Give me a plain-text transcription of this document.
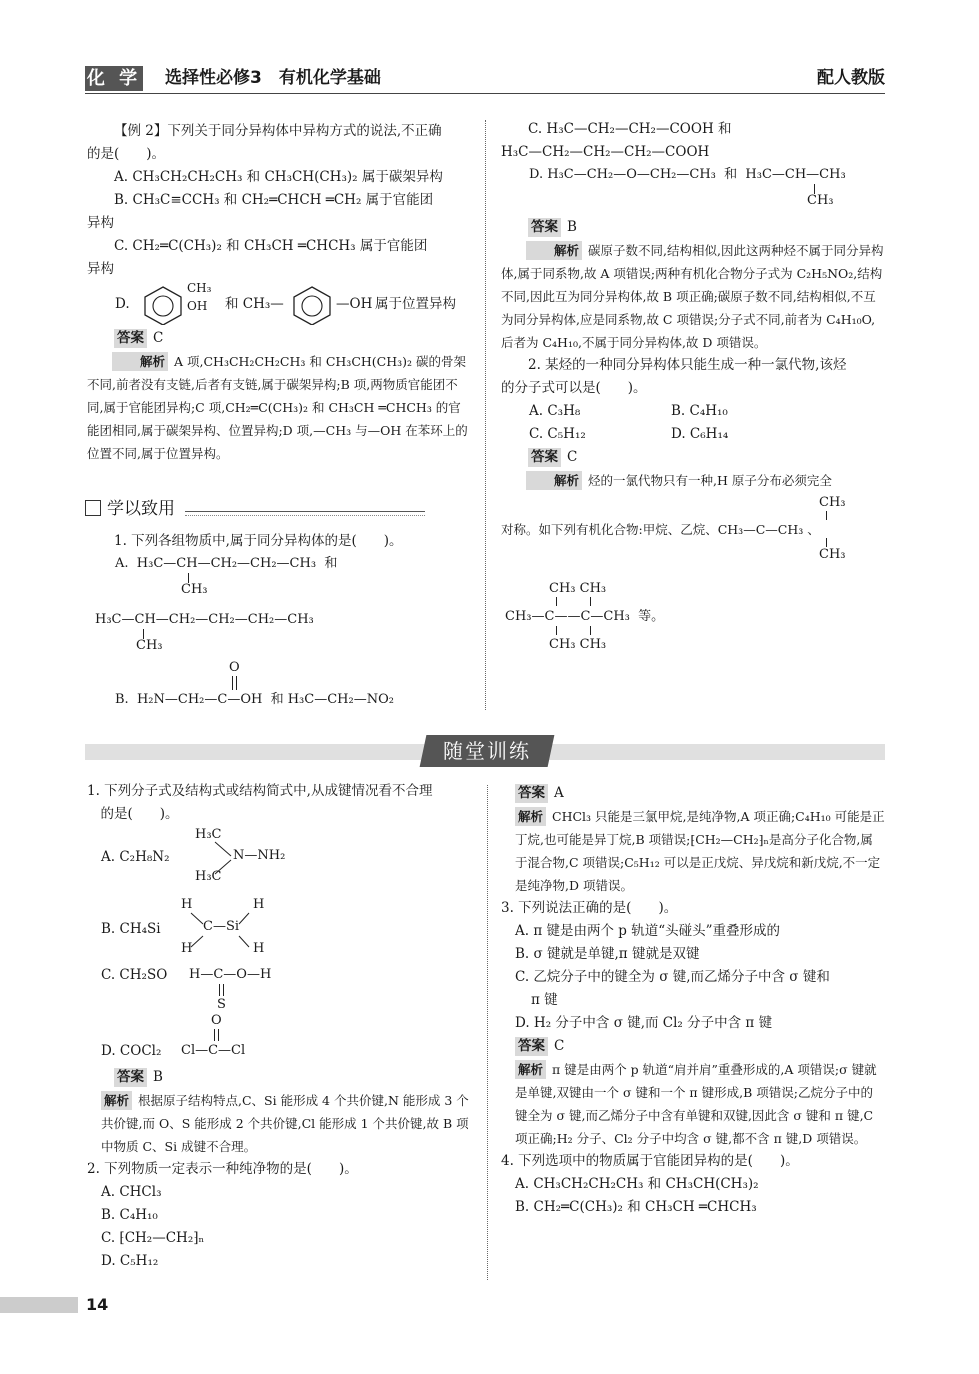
化 学 选择性必修3　有机化学基础	配人教版

【例 2】下列关于同分异构体中异构方式的说法,不正确

的是(　　)。

A. CH₃CH₂CH₂CH₃ 和 CH₃CH(CH₃)₂ 属于碳架异构

B. CH₃C≡CCH₃ 和 CH₂═CHCH ═CH₂ 属于官能团

异构

C. CH₂═C(CH₃)₂ 和 CH₃CH ═CHCH₃ 属于官能团

异构

D.
CH₃
OH 和 CH₃—	—OH 属于位置异构

答案 C

解析 A 项,CH₃CH₂CH₂CH₃ 和 CH₃CH(CH₃)₂ 碳的骨架不同,前者没有支链,后者有支链,属于碳架异构;B 项,两物质官能团不同,属于官能团异构;C 项,CH₂═C(CH₃)₂ 和 CH₃CH ═CHCH₃ 的官能团相同,属于碳架异构、位置异构;D 项,—CH₃ 与—OH 在苯环上的位置不同,属于位置异构。

学以致用

1. 下列各组物质中,属于同分异构体的是(　　)。

A.  H₃C—CH—CH₂—CH₂—CH₃  和
CH₃
H₃C—CH—CH₂—CH₂—CH₂—CH₃
CH₃
O
B.  H₂N—CH₂—C—OH  和 H₃C—CH₂—NO₂

C. H₃C—CH₂—CH₂—COOH 和

H₃C—CH₂—CH₂—CH₂—COOH

D. H₃C—CH₂—O—CH₂—CH₃  和  H₃C—CH—CH₃
CH₃

答案 B

解析 碳原子数不同,结构相似,因此这两种烃不属于同分异构体,属于同系物,故 A 项错误;两种有机化合物分子式为 C₂H₅NO₂,结构不同,因此互为同分异构体,故 B 项正确;碳原子数不同,结构相似,不互为同分异构体,应是同系物,故 C 项错误;分子式不同,前者为 C₄H₁₀O,后者为 C₄H₁₀,不属于同分异构体,故 D 项错误。

2. 某烃的一种同分异构体只能生成一种一氯代物,该烃

的分子式可以是(　　)。

A. C₃H₈	B. C₄H₁₀
C. C₅H₁₂	D. C₆H₁₄

答案 C

解析 烃的一氯代物只有一种,H 原子分布必须完全

CH₃
对称。如下列有机化合物:甲烷、乙烷、CH₃—C—CH₃ 、
CH₃
CH₃ CH₃
CH₃—C——C—CH₃  等。
CH₃ CH₃
随堂训练

1. 下列分子式及结构式或结构简式中,从成键情况看不合理

的是(　　)。

A. C₂H₈N₂
H₃C
N—NH₂
H₃C
B. CH₄Si
H	H
C—Si
H	H
C. CH₂SO H—C—O—H
S
O
D. COCl₂ Cl—C—Cl

答案 B

解析 根据原子结构特点,C、Si 能形成 4 个共价键,N 能形成 3 个共价键,而 O、S 能形成 2 个共价键,Cl 能形成 1 个共价键,故 B 项中物质 C、Si 成键不合理。

2. 下列物质一定表示一种纯净物的是(　　)。

A. CHCl₃

B. C₄H₁₀

C. ⁅CH₂—CH₂⁆ₙ

D. C₅H₁₂

答案 A

解析 CHCl₃ 只能是三氯甲烷,是纯净物,A 项正确;C₄H₁₀ 可能是正丁烷,也可能是异丁烷,B 项错误;⁅CH₂—CH₂⁆ₙ是高分子化合物,属于混合物,C 项错误;C₅H₁₂ 可以是正戊烷、异戊烷和新戊烷,不一定是纯净物,D 项错误。

3. 下列说法正确的是(　　)。

A. π 键是由两个 p 轨道“头碰头”重叠形成的

B. σ 键就是单键,π 键就是双键

C. 乙烷分子中的键全为 σ 键,而乙烯分子中含 σ 键和

π 键

D. H₂ 分子中含 σ 键,而 Cl₂ 分子中含 π 键

答案 C

解析 π 键是由两个 p 轨道“肩并肩”重叠形成的,A 项错误;σ 键就是单键,双键由一个 σ 键和一个 π 键形成,B 项错误;乙烷分子中的键全为 σ 键,而乙烯分子中含有单键和双键,因此含 σ 键和 π 键,C 项正确;H₂ 分子、Cl₂ 分子中均含 σ 键,都不含 π 键,D 项错误。

4. 下列选项中的物质属于官能团异构的是(　　)。

A. CH₃CH₂CH₂CH₃ 和 CH₃CH(CH₃)₂

B. CH₂═C(CH₃)₂ 和 CH₃CH ═CHCH₃

14
